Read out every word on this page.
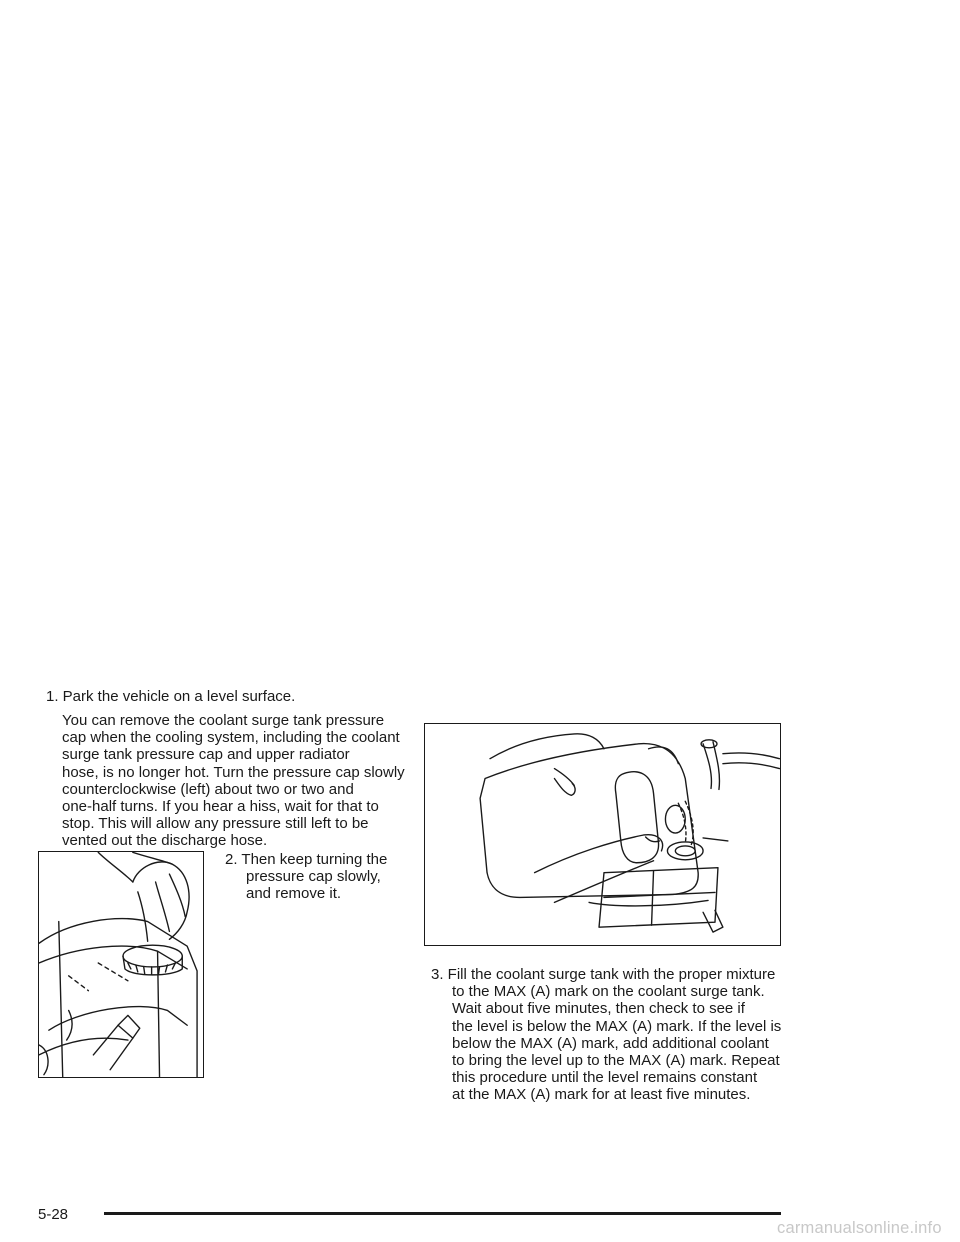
1. Park the vehicle on a level surface.
You can remove the coolant surge tank pressure
cap when the cooling system, including the coolant
surge tank pressure cap and upper radiator
hose, is no longer hot. Turn the pressure cap slowly
counterclockwise (left) about two or two and
one-half turns. If you hear a hiss, wait for that to
stop. This will allow any pressure still left to be
vented out the discharge hose.
2. Then keep turning the
pressure cap slowly,
and remove it.
3. Fill the coolant surge tank with the proper mixture
to the MAX (A) mark on the coolant surge tank.
Wait about five minutes, then check to see if
the level is below the MAX (A) mark. If the level is
below the MAX (A) mark, add additional coolant
to bring the level up to the MAX (A) mark. Repeat
this procedure until the level remains constant
at the MAX (A) mark for at least five minutes.
5-28
carmanualsonline.info
